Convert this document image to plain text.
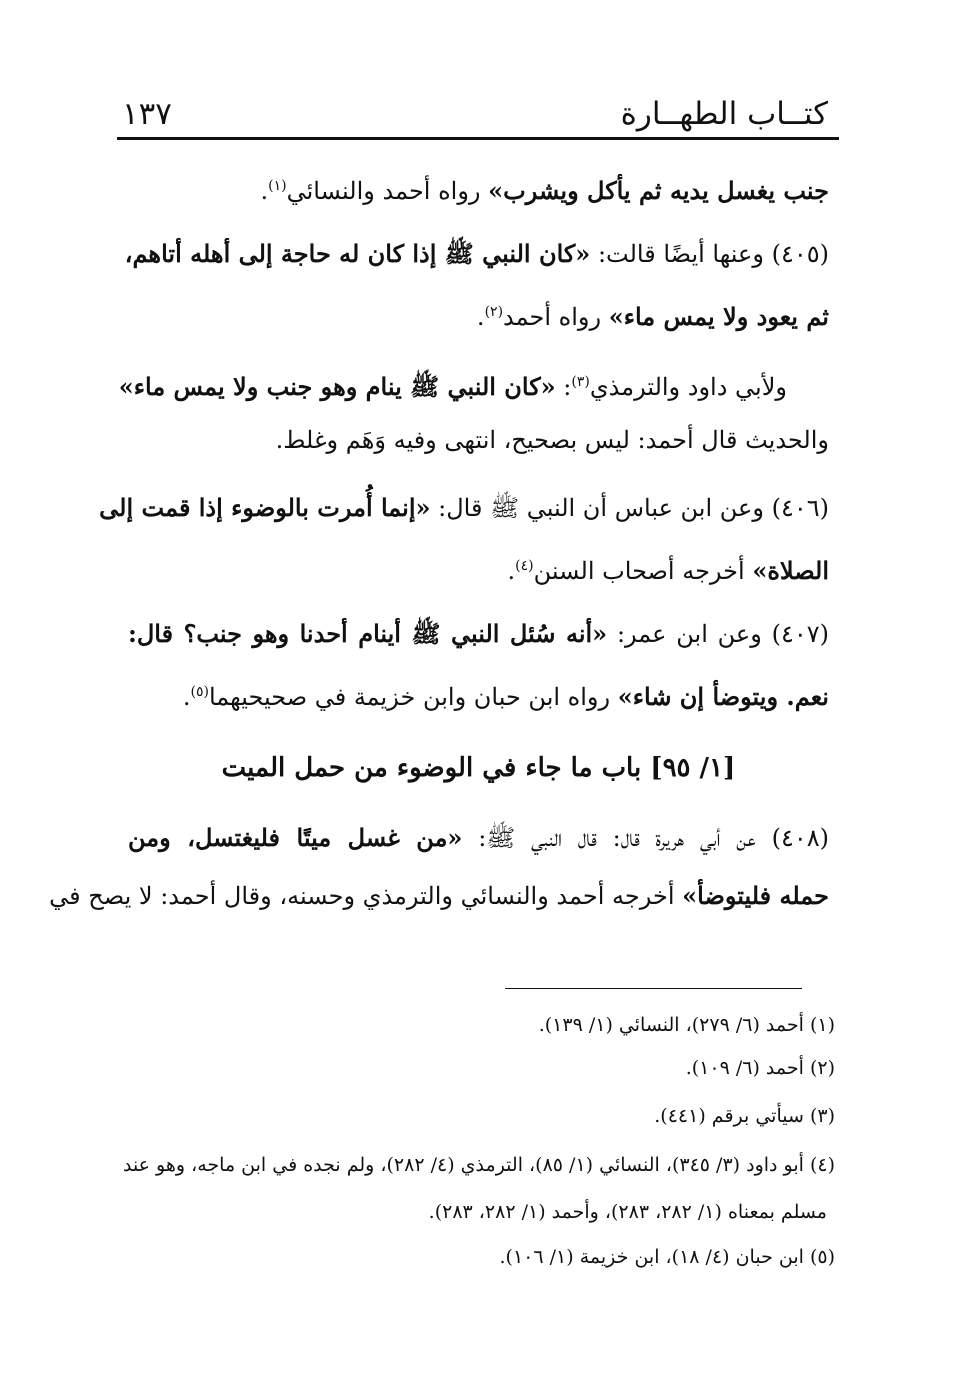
كتــاب الطهــارة
١٣٧
جنب يغسل يديه ثم يأكل ويشرب» رواه أحمد والنسائي$^{(١)}$.
(٤٠٥) وعنها أيضًا قالت: «كان النبي ﷺ إذا كان له حاجة إلى أهله أتاهم،
ثم يعود ولا يمس ماء» رواه أحمد$^{(٢)}$.
ولأبي داود والترمذي$^{(٣)}$: «كان النبي ﷺ ينام وهو جنب ولا يمس ماء»
والحديث قال أحمد: ليس بصحيح، انتهى وفيه وَهَم وغلط.
(٤٠٦) وعن ابن عباس أن النبي ﷺ قال: «إنما أُمرت بالوضوء إذا قمت إلى
الصلاة» أخرجه أصحاب السنن$^{(٤)}$.
(٤٠٧) وعن ابن عمر: «أنه سُئل النبي ﷺ أينام أحدنا وهو جنب؟ قال:
نعم. ويتوضأ إن شاء» رواه ابن حبان وابن خزيمة في صحيحيهما$^{(٥)}$.
[١/ ٩٥] باب ما جاء في الوضوء من حمل الميت
(٤٠٨) عن أبي هريرة قال: قال النبي ﷺ: «من غسل ميتًا فليغتسل، ومن
حمله فليتوضأ» أخرجه أحمد والنسائي والترمذي وحسنه، وقال أحمد: لا يصح في
(١) أحمد (٦/ ٢٧٩)، النسائي (١/ ١٣٩).
(٢) أحمد (٦/ ١٠٩).
(٣) سيأتي برقم (٤٤١).
(٤) أبو داود (٣/ ٣٤٥)، النسائي (١/ ٨٥)، الترمذي (٤/ ٢٨٢)، ولم نجده في ابن ماجه، وهو عند
مسلم بمعناه (١/ ٢٨٢، ٢٨٣)، وأحمد (١/ ٢٨٢، ٢٨٣).
(٥) ابن حبان (٤/ ١٨)، ابن خزيمة (١/ ١٠٦).
